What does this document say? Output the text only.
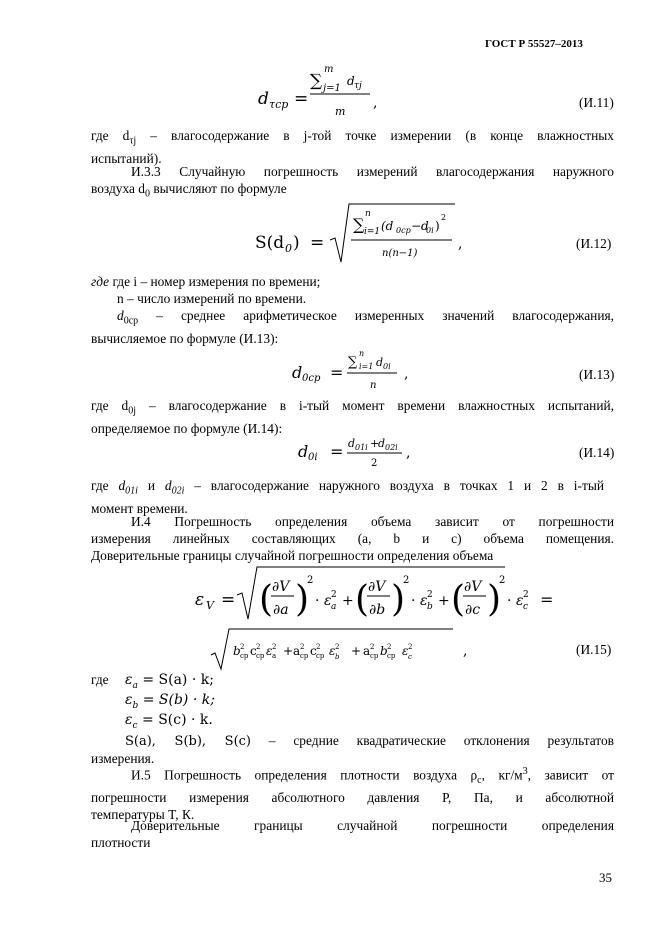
ГОСТ Р 55527–2013
d τср =
∑
m
j=1
d τj
m
,	(И.11)
где $d_{\tau j}$ – влагосодержание в j-той точке измерении (в конце влажностных
испытаний).
И.3.3 Случайную погрешность измерений влагосодержания наружного
воздуха $d_0$ вычисляют по формуле
S(d 0 ) =
∑
n
i=1 (d 0ср −d
0i )
2
n(n−1)
,	(И.12)
где где i – номер измерения по времени;
n – число измерений по времени.
$d_{0ср}$ – среднее арифметическое измеренных значений влагосодержания,
вычисляемое по формуле (И.13):
d 0ср =
∑
n
i=1 d 0i
n
,	(И.13)
где $d_{0j}$ – влагосодержание в i-тый момент времени влажностных испытаний,
определяемое по формуле (И.14):
d 0i = d 01i +
d 02i
2
,	(И.14)
где $d_{01i}$ и $d_{02i}$ – влагосодержание наружного воздуха в точках 1 и 2 в i-тый
момент времени.
И.4 Погрешность определения объема зависит от погрешности
измерения линейных составляющих (a, b и c) объема помещения.
Доверительные границы случайной погрешности определения объема
ε V = (
∂V
∂a )
2
· ε a
2 + (
∂V
∂b )
2
· ε b
2 + (
∂V
∂c )
2
· ε c
2 =
b 2
ср c 2
ср ε 2
a + a 2
ср c 2
ср ε 2
b + a 2
ср b 2
ср ε 2
c	,	(И.15)
где $\varepsilon_a = S(a) \cdot k$;
$\varepsilon_b = S(b) \cdot k$;
$\varepsilon_c = S(c) \cdot k$.
S(a), S(b), S(c) – средние квадратические отклонения результатов
измерения.
И.5 Погрешность определения плотности воздуха $\rho_c$, $кг/м^3$, зависит от
погрешности измерения абсолютного давления P, Па, и абсолютной
температуры T, К.
Доверительные границы случайной погрешности определения
плотности
35
